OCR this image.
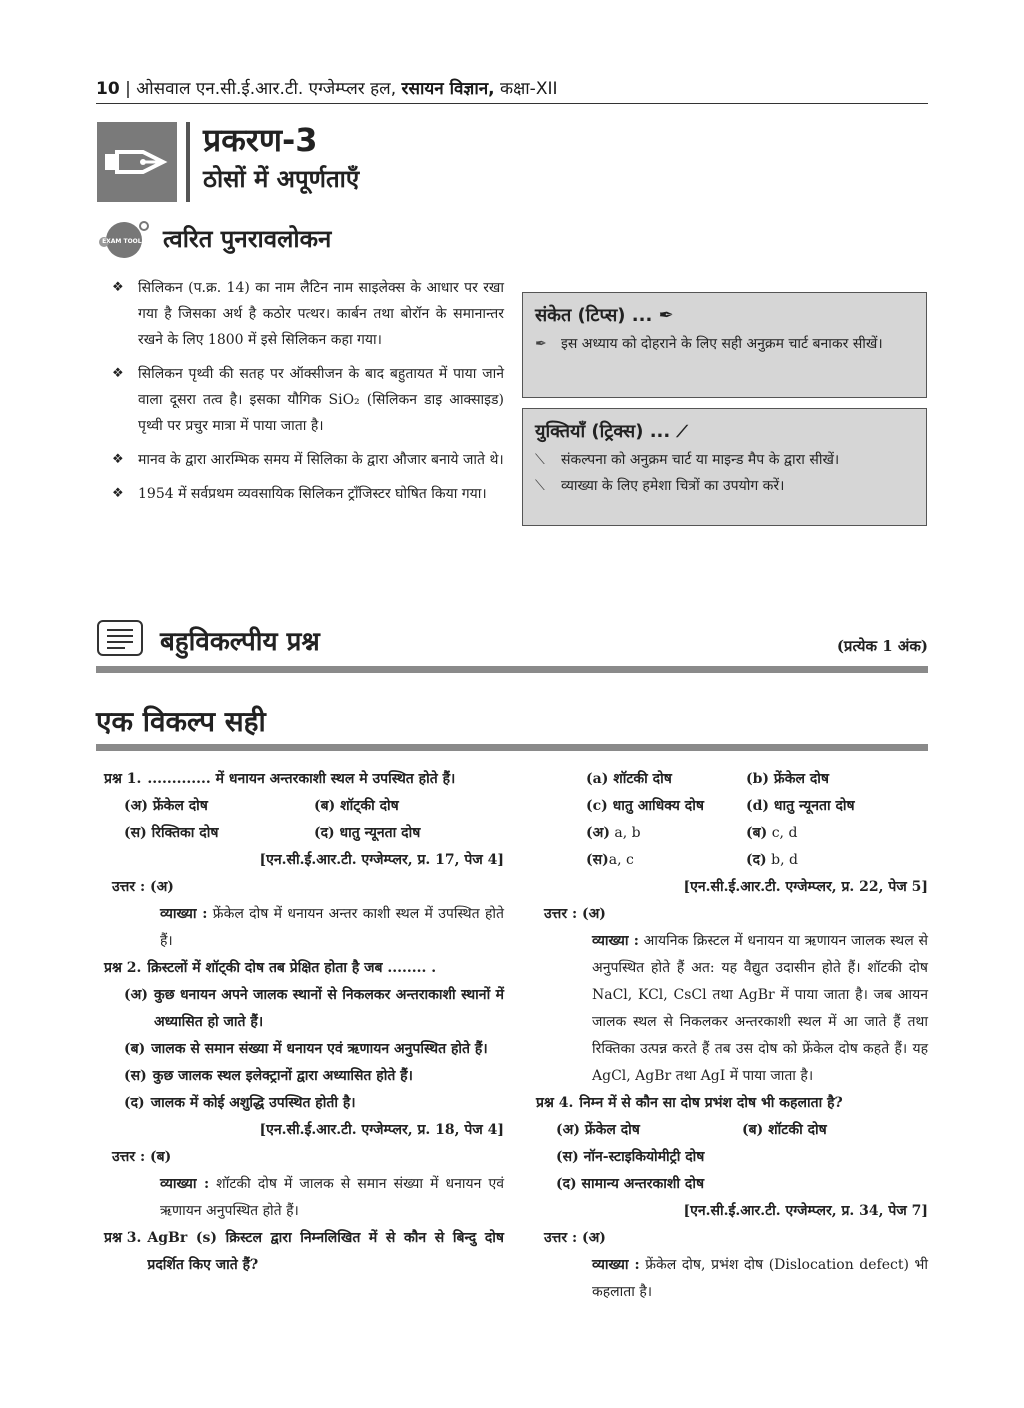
10 | ओसवाल एन.सी.ई.आर.टी. एग्जेम्प्लर हल, रसायन विज्ञान, कक्षा-XII
प्रकरण-3
ठोसों में अपूर्णताएँ
EXAM TOOLS त्वरित पुनरावलोकन
❖ सिलिकन (प.क्र. 14) का नाम लैटिन नाम साइलेक्स के आधार पर रखा गया है जिसका अर्थ है कठोर पत्थर। कार्बन तथा बोरॉन के समानान्तर रखने के लिए 1800 में इसे सिलिकन कहा गया।
❖ सिलिकन पृथ्वी की सतह पर ऑक्सीजन के बाद बहुतायत में पाया जाने वाला दूसरा तत्व है। इसका यौगिक SiO₂ (सिलिकन डाइ आक्साइड) पृथ्वी पर प्रचुर मात्रा में पाया जाता है।
❖ मानव के द्वारा आरम्भिक समय में सिलिका के द्वारा औजार बनाये जाते थे।
❖ 1954 में सर्वप्रथम व्यवसायिक सिलिकन ट्रॉंजिस्टर घोषित किया गया।
संकेत (टिप्स) ... ✒
✒ इस अध्याय को दोहराने के लिए सही अनुक्रम चार्ट बनाकर सीखें।
युक्तियाँ (ट्रिक्स) ... ⟋
⟍ संकल्पना को अनुक्रम चार्ट या माइन्ड मैप के द्वारा सीखें।
⟍ व्याख्या के लिए हमेशा चित्रों का उपयोग करें।
बहुविकल्पीय प्रश्न	(प्रत्येक 1 अंक)
एक विकल्प सही
प्रश्न 1. ............. में धनायन अन्तरकाशी स्थल मे उपस्थित होते हैं।
(अ) फ्रेंकेल दोष	(ब) शॉट्की दोष
(स) रिक्तिका दोष	(द) धातु न्यूनता दोष
[एन.सी.ई.आर.टी. एग्जेम्प्लर, प्र. 17, पेज 4]
उत्तर : (अ)
व्याख्या : फ्रेंकेल दोष में धनायन अन्तर काशी स्थल में उपस्थित होते हैं।
प्रश्न 2. क्रिस्टलों में शॉट्की दोष तब प्रेक्षित होता है जब ........ .
(अ) कुछ धनायन अपने जालक स्थानों से निकलकर अन्तराकाशी स्थानों में अध्यासित हो जाते हैं।
(ब) जालक से समान संख्या में धनायन एवं ऋणायन अनुपस्थित होते हैं।
(स) कुछ जालक स्थल इलेक्ट्रानों द्वारा अध्यासित होते हैं।
(द) जालक में कोई अशुद्धि उपस्थित होती है।
[एन.सी.ई.आर.टी. एग्जेम्प्लर, प्र. 18, पेज 4]
उत्तर : (ब)
व्याख्या : शॉटकी दोष में जालक से समान संख्या में धनायन एवं ऋणायन अनुपस्थित होते हैं।
प्रश्न 3. AgBr (s) क्रिस्टल द्वारा निम्नलिखित में से कौन से बिन्दु दोष प्रदर्शित किए जाते हैं?
(a) शॉटकी दोष	(b) फ्रेंकेल दोष
(c) धातु आधिक्य दोष	(d) धातु न्यूनता दोष
(अ) a, b	(ब) c, d
(स)a, c	(द) b, d
[एन.सी.ई.आर.टी. एग्जेम्प्लर, प्र. 22, पेज 5]
उत्तर : (अ)
व्याख्या : आयनिक क्रिस्टल में धनायन या ऋणायन जालक स्थल से अनुपस्थित होते हैं अत: यह वैद्युत उदासीन होते हैं। शॉटकी दोष NaCl, KCl, CsCl तथा AgBr में पाया जाता है। जब आयन जालक स्थल से निकलकर अन्तरकाशी स्थल में आ जाते हैं तथा रिक्तिका उत्पन्न करते हैं तब उस दोष को फ्रेंकेल दोष कहते हैं। यह AgCl, AgBr तथा AgI में पाया जाता है।
प्रश्न 4. निम्न में से कौन सा दोष प्रभंश दोष भी कहलाता है?
(अ) फ्रेंकेल दोष	(ब) शॉटकी दोष
(स) नॉन-स्टाइकियोमीट्री दोष
(द) सामान्य अन्तरकाशी दोष
[एन.सी.ई.आर.टी. एग्जेम्प्लर, प्र. 34, पेज 7]
उत्तर : (अ)
व्याख्या : फ्रेंकेल दोष, प्रभंश दोष (Dislocation defect) भी कहलाता है।
